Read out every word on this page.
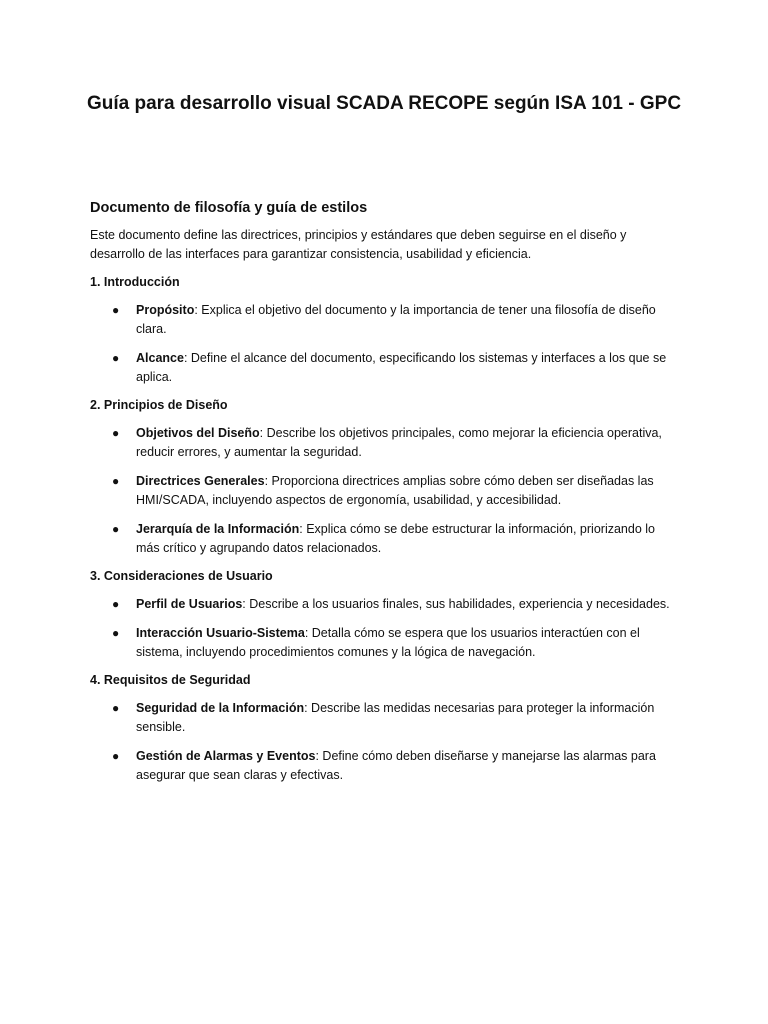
Guía para desarrollo visual SCADA RECOPE según ISA 101 - GPC
Documento de filosofía y guía de estilos

Este documento define las directrices, principios y estándares que deben seguirse en el diseño y desarrollo de las interfaces para garantizar consistencia, usabilidad y eficiencia.

1. Introducción
● Propósito: Explica el objetivo del documento y la importancia de tener una filosofía de diseño clara.
● Alcance: Define el alcance del documento, especificando los sistemas y interfaces a los que se aplica.
2. Principios de Diseño
● Objetivos del Diseño: Describe los objetivos principales, como mejorar la eficiencia operativa, reducir errores, y aumentar la seguridad.
● Directrices Generales: Proporciona directrices amplias sobre cómo deben ser diseñadas las HMI/SCADA, incluyendo aspectos de ergonomía, usabilidad, y accesibilidad.
● Jerarquía de la Información: Explica cómo se debe estructurar la información, priorizando lo más crítico y agrupando datos relacionados.
3. Consideraciones de Usuario
● Perfil de Usuarios: Describe a los usuarios finales, sus habilidades, experiencia y necesidades.
● Interacción Usuario-Sistema: Detalla cómo se espera que los usuarios interactúen con el sistema, incluyendo procedimientos comunes y la lógica de navegación.
4. Requisitos de Seguridad
● Seguridad de la Información: Describe las medidas necesarias para proteger la información sensible.
● Gestión de Alarmas y Eventos: Define cómo deben diseñarse y manejarse las alarmas para asegurar que sean claras y efectivas.
